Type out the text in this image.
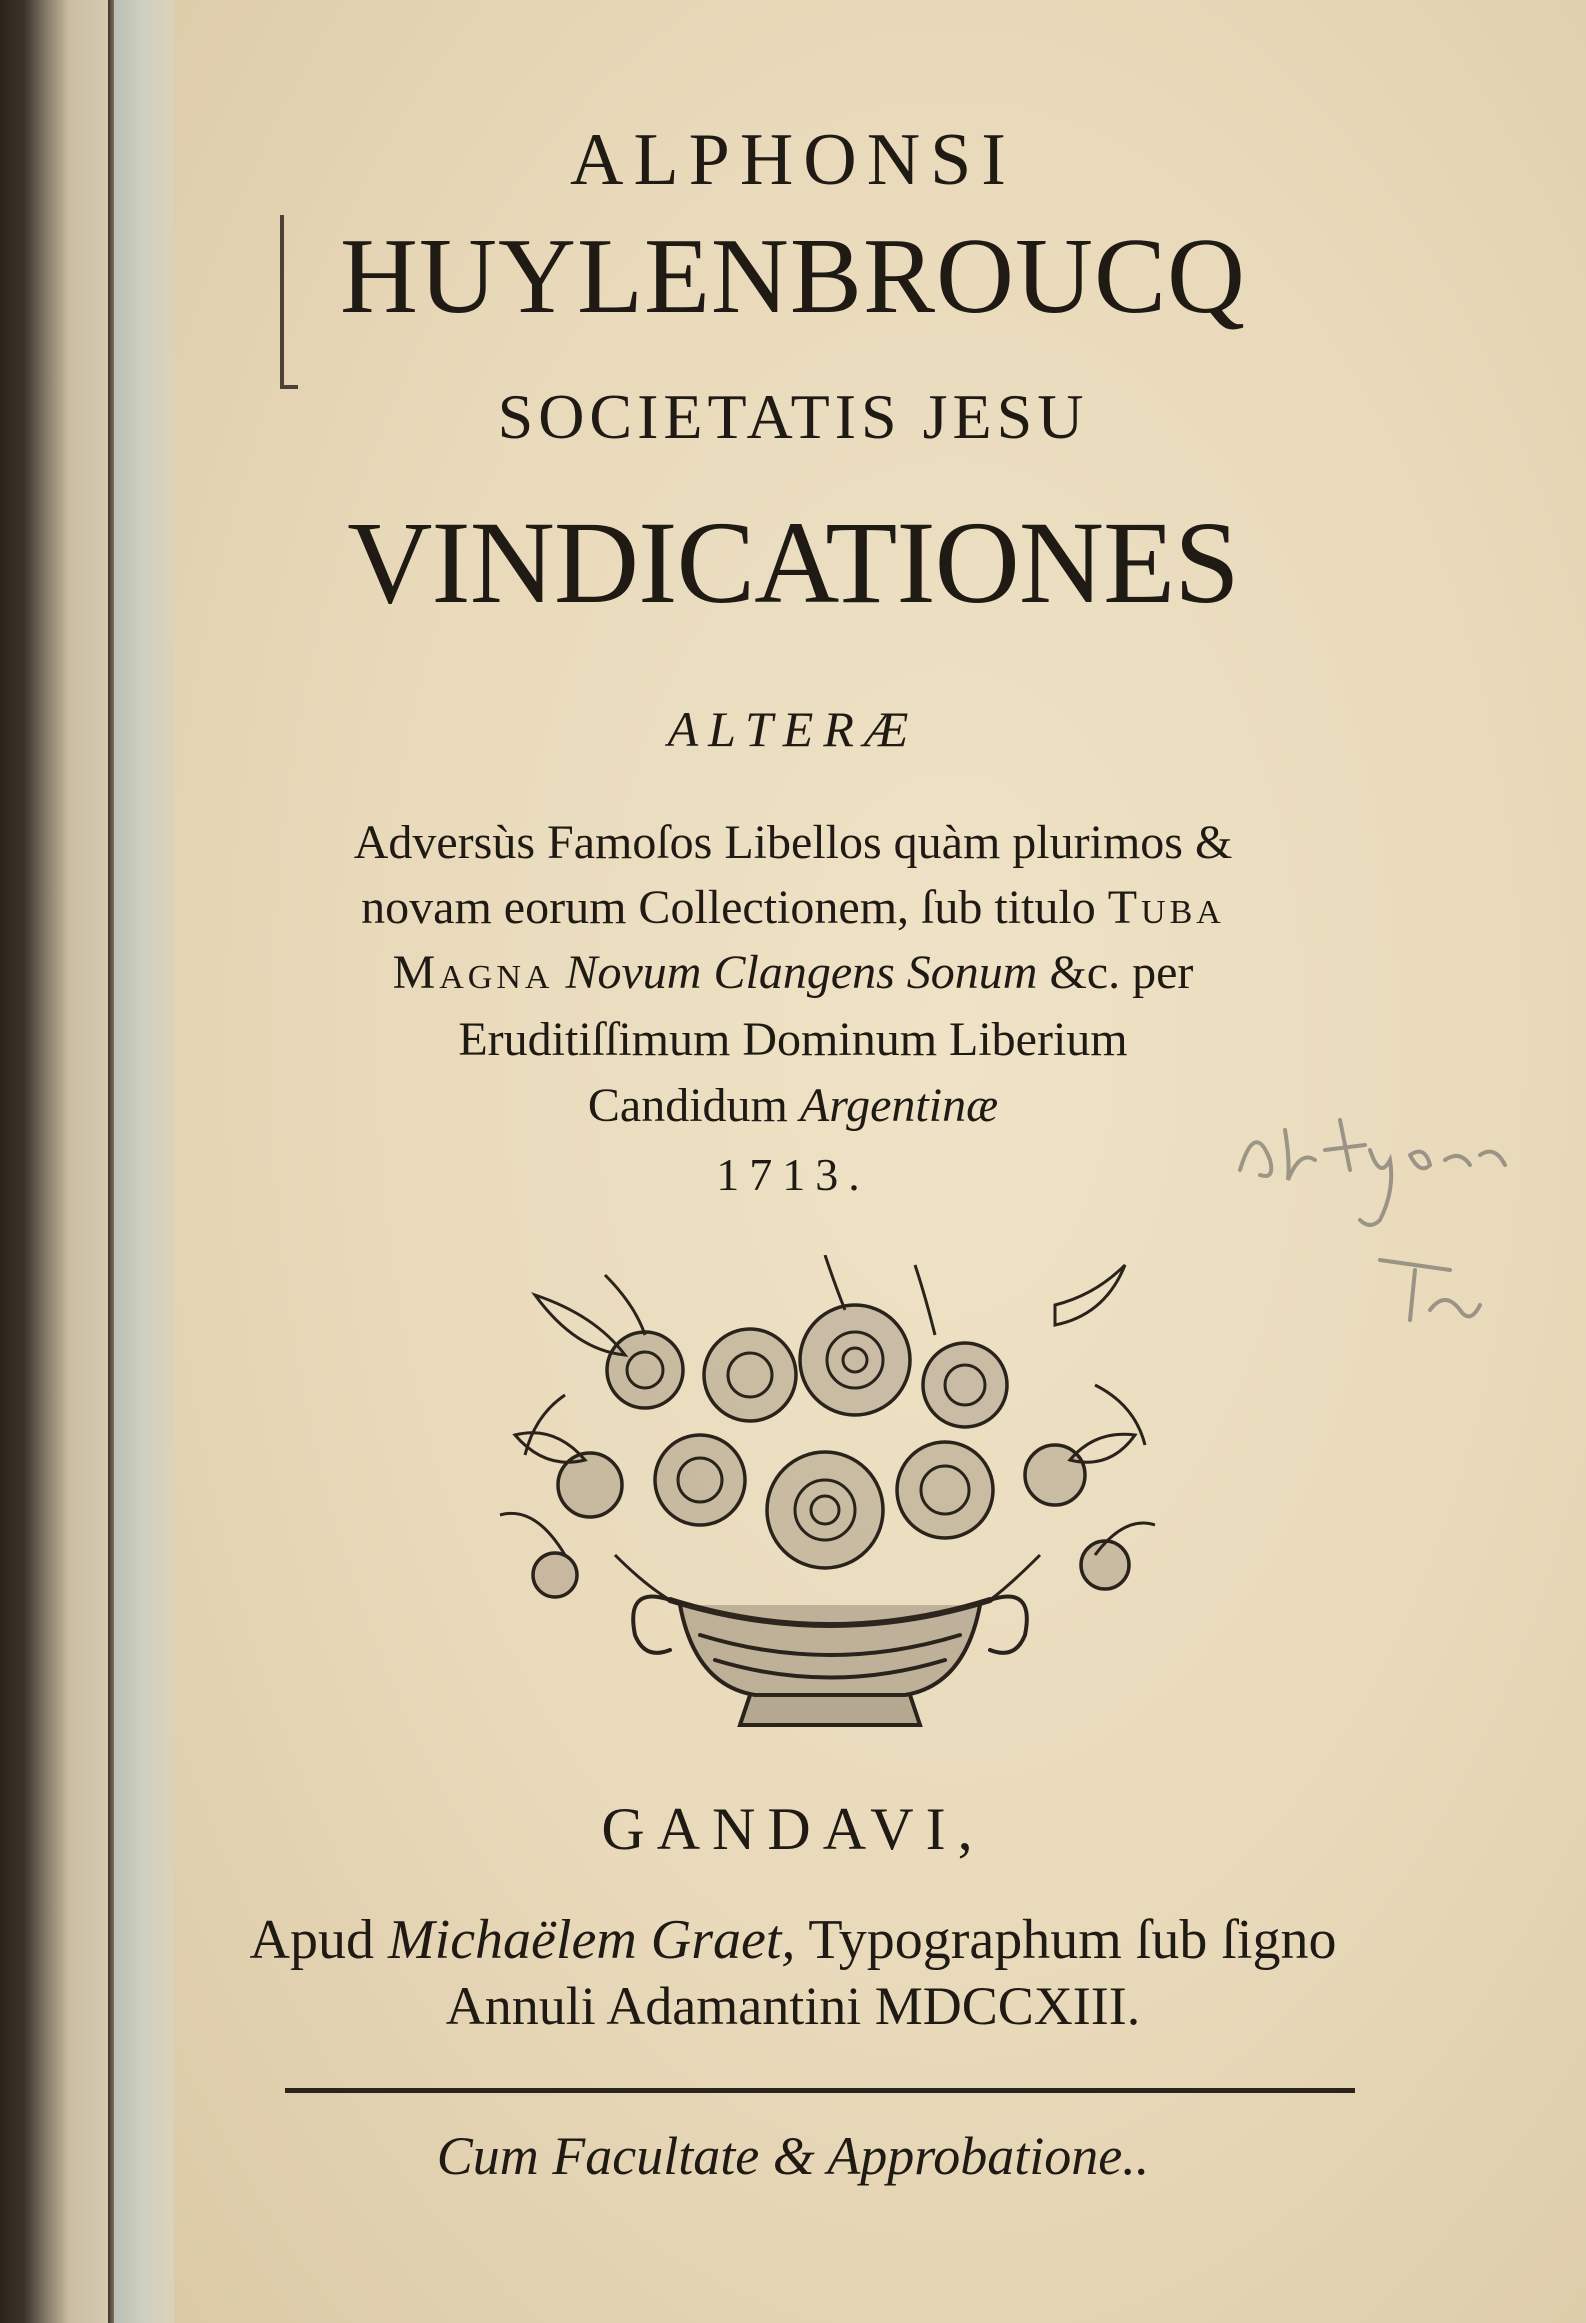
ALPHONSI
HUYLENBROUCQ
SOCIETATIS JESU
VINDICATIONES
ALTERÆ
Adversùs Famoſos Libellos quàm plurimos &
novam eorum Collectionem, ſub titulo Tuba
Magna Novum Clangens Sonum &c. per
Eruditiſſimum Dominum Liberium
Candidum Argentinæ
1713.
GANDAVI,
Apud Michaëlem Graet, Typographum ſub ſigno
Annuli Adamantini MDCCXIII.
Cum Facultate & Approbatione..
